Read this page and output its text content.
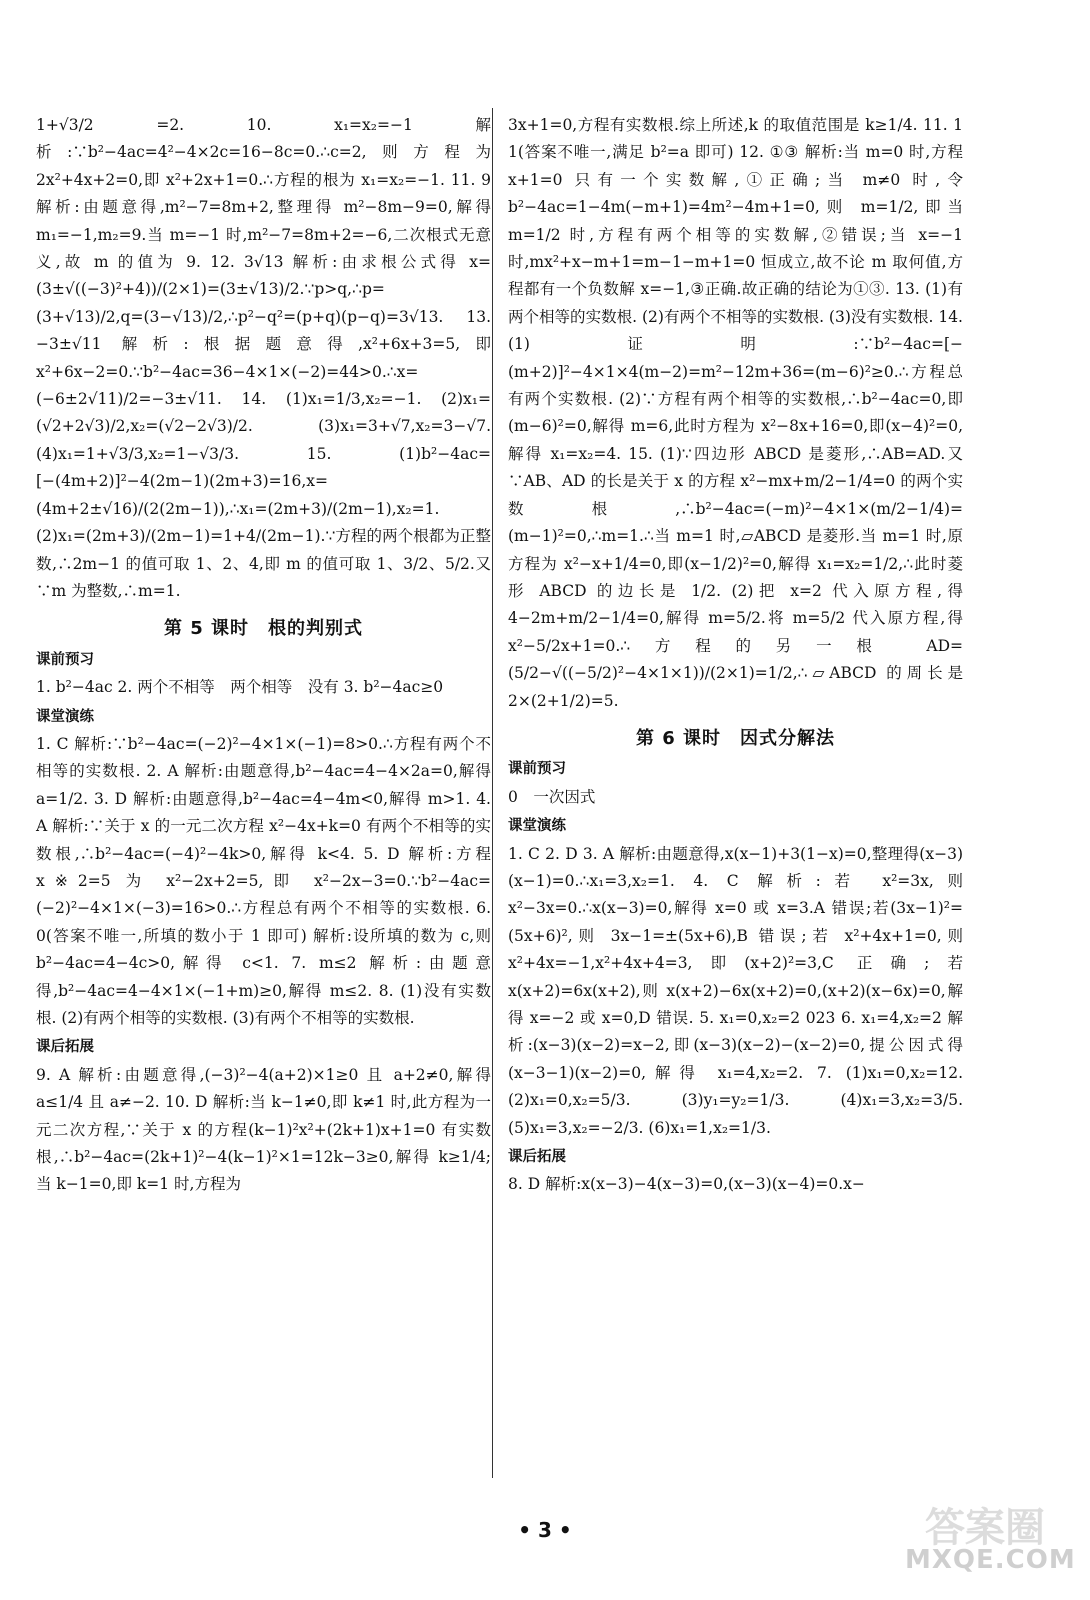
1+√3/2 =2. 10. x₁=x₂=−1 解析:∵b²−4ac=4²−4×2c=16−8c=0.∴c=2,则方程为 2x²+4x+2=0,即 x²+2x+1=0.∴方程的根为 x₁=x₂=−1. 11. 9 解析:由题意得,m²−7=8m+2,整理得 m²−8m−9=0,解得 m₁=−1,m₂=9.当 m=−1 时,m²−7=8m+2=−6,二次根式无意义,故 m 的值为 9. 12. 3√13 解析:由求根公式得 x=(3±√((−3)²+4))/(2×1)=(3±√13)/2.∵p>q,∴p=(3+√13)/2,q=(3−√13)/2,∴p²−q²=(p+q)(p−q)=3√13. 13. −3±√11 解析:根据题意得,x²+6x+3=5,即 x²+6x−2=0.∵b²−4ac=36−4×1×(−2)=44>0.∴x=(−6±2√11)/2=−3±√11. 14. (1)x₁=1/3,x₂=−1. (2)x₁=(√2+2√3)/2,x₂=(√2−2√3)/2. (3)x₁=3+√7,x₂=3−√7. (4)x₁=1+√3/3,x₂=1−√3/3. 15. (1)b²−4ac=[−(4m+2)]²−4(2m−1)(2m+3)=16,x=(4m+2±√16)/(2(2m−1)),∴x₁=(2m+3)/(2m−1),x₂=1. (2)x₁=(2m+3)/(2m−1)=1+4/(2m−1).∵方程的两个根都为正整数,∴2m−1 的值可取 1、2、4,即 m 的值可取 1、3/2、5/2.又∵m 为整数,∴m=1.

第 5 课时　根的判别式
课前预习

1. b²−4ac 2. 两个不相等　两个相等　没有 3. b²−4ac≥0

课堂演练

1. C 解析:∵b²−4ac=(−2)²−4×1×(−1)=8>0.∴方程有两个不相等的实数根. 2. A 解析:由题意得,b²−4ac=4−4×2a=0,解得 a=1/2. 3. D 解析:由题意得,b²−4ac=4−4m<0,解得 m>1. 4. A 解析:∵关于 x 的一元二次方程 x²−4x+k=0 有两个不相等的实数根,∴b²−4ac=(−4)²−4k>0,解得 k<4. 5. D 解析:方程 x※2=5 为 x²−2x+2=5,即 x²−2x−3=0.∵b²−4ac=(−2)²−4×1×(−3)=16>0.∴方程总有两个不相等的实数根. 6. 0(答案不唯一,所填的数小于 1 即可) 解析:设所填的数为 c,则 b²−4ac=4−4c>0,解得 c<1. 7. m≤2 解析:由题意得,b²−4ac=4−4×1×(−1+m)≥0,解得 m≤2. 8. (1)没有实数根. (2)有两个相等的实数根. (3)有两个不相等的实数根.

课后拓展

9. A 解析:由题意得,(−3)²−4(a+2)×1≥0 且 a+2≠0,解得 a≤1/4 且 a≠−2. 10. D 解析:当 k−1≠0,即 k≠1 时,此方程为一元二次方程,∵关于 x 的方程(k−1)²x²+(2k+1)x+1=0 有实数根,∴b²−4ac=(2k+1)²−4(k−1)²×1=12k−3≥0,解得 k≥1/4;当 k−1=0,即 k=1 时,方程为

3x+1=0,方程有实数根.综上所述,k 的取值范围是 k≥1/4. 11. 1 1(答案不唯一,满足 b²=a 即可) 12. ①③ 解析:当 m=0 时,方程 x+1=0 只有一个实数解,①正确;当 m≠0 时,令 b²−4ac=1−4m(−m+1)=4m²−4m+1=0,则 m=1/2,即当 m=1/2 时,方程有两个相等的实数解,②错误;当 x=−1 时,mx²+x−m+1=m−1−m+1=0 恒成立,故不论 m 取何值,方程都有一个负数解 x=−1,③正确.故正确的结论为①③. 13. (1)有两个相等的实数根. (2)有两个不相等的实数根. (3)没有实数根. 14. (1)证明:∵b²−4ac=[−(m+2)]²−4×1×4(m−2)=m²−12m+36=(m−6)²≥0.∴方程总有两个实数根. (2)∵方程有两个相等的实数根,∴b²−4ac=0,即(m−6)²=0,解得 m=6,此时方程为 x²−8x+16=0,即(x−4)²=0,解得 x₁=x₂=4. 15. (1)∵四边形 ABCD 是菱形,∴AB=AD.又∵AB、AD 的长是关于 x 的方程 x²−mx+m/2−1/4=0 的两个实数根,∴b²−4ac=(−m)²−4×1×(m/2−1/4)=(m−1)²=0,∴m=1.∴当 m=1 时,▱ABCD 是菱形.当 m=1 时,原方程为 x²−x+1/4=0,即(x−1/2)²=0,解得 x₁=x₂=1/2,∴此时菱形 ABCD 的边长是 1/2. (2)把 x=2 代入原方程,得 4−2m+m/2−1/4=0,解得 m=5/2.将 m=5/2 代入原方程,得 x²−5/2x+1=0.∴方程的另一根 AD=(5/2−√((−5/2)²−4×1×1))/(2×1)=1/2,∴▱ABCD 的周长是 2×(2+1/2)=5.

第 6 课时　因式分解法
课前预习

0　一次因式

课堂演练

1. C 2. D 3. A 解析:由题意得,x(x−1)+3(1−x)=0,整理得(x−3)(x−1)=0.∴x₁=3,x₂=1. 4. C 解析:若 x²=3x,则 x²−3x=0.∴x(x−3)=0,解得 x=0 或 x=3.A 错误;若(3x−1)²=(5x+6)²,则 3x−1=±(5x+6),B 错误;若 x²+4x+1=0,则 x²+4x=−1,x²+4x+4=3,即(x+2)²=3,C 正确;若 x(x+2)=6x(x+2),则 x(x+2)−6x(x+2)=0,(x+2)(x−6x)=0,解得 x=−2 或 x=0,D 错误. 5. x₁=0,x₂=2 023 6. x₁=4,x₂=2 解析:(x−3)(x−2)=x−2,即(x−3)(x−2)−(x−2)=0,提公因式得(x−3−1)(x−2)=0,解得 x₁=4,x₂=2. 7. (1)x₁=0,x₂=12. (2)x₁=0,x₂=5/3. (3)y₁=y₂=1/3. (4)x₁=3,x₂=3/5. (5)x₁=3,x₂=−2/3. (6)x₁=1,x₂=1/3.

课后拓展

8. D 解析:x(x−3)−4(x−3)=0,(x−3)(x−4)=0.x−

• 3 •	答案圈
MXQE.COM
